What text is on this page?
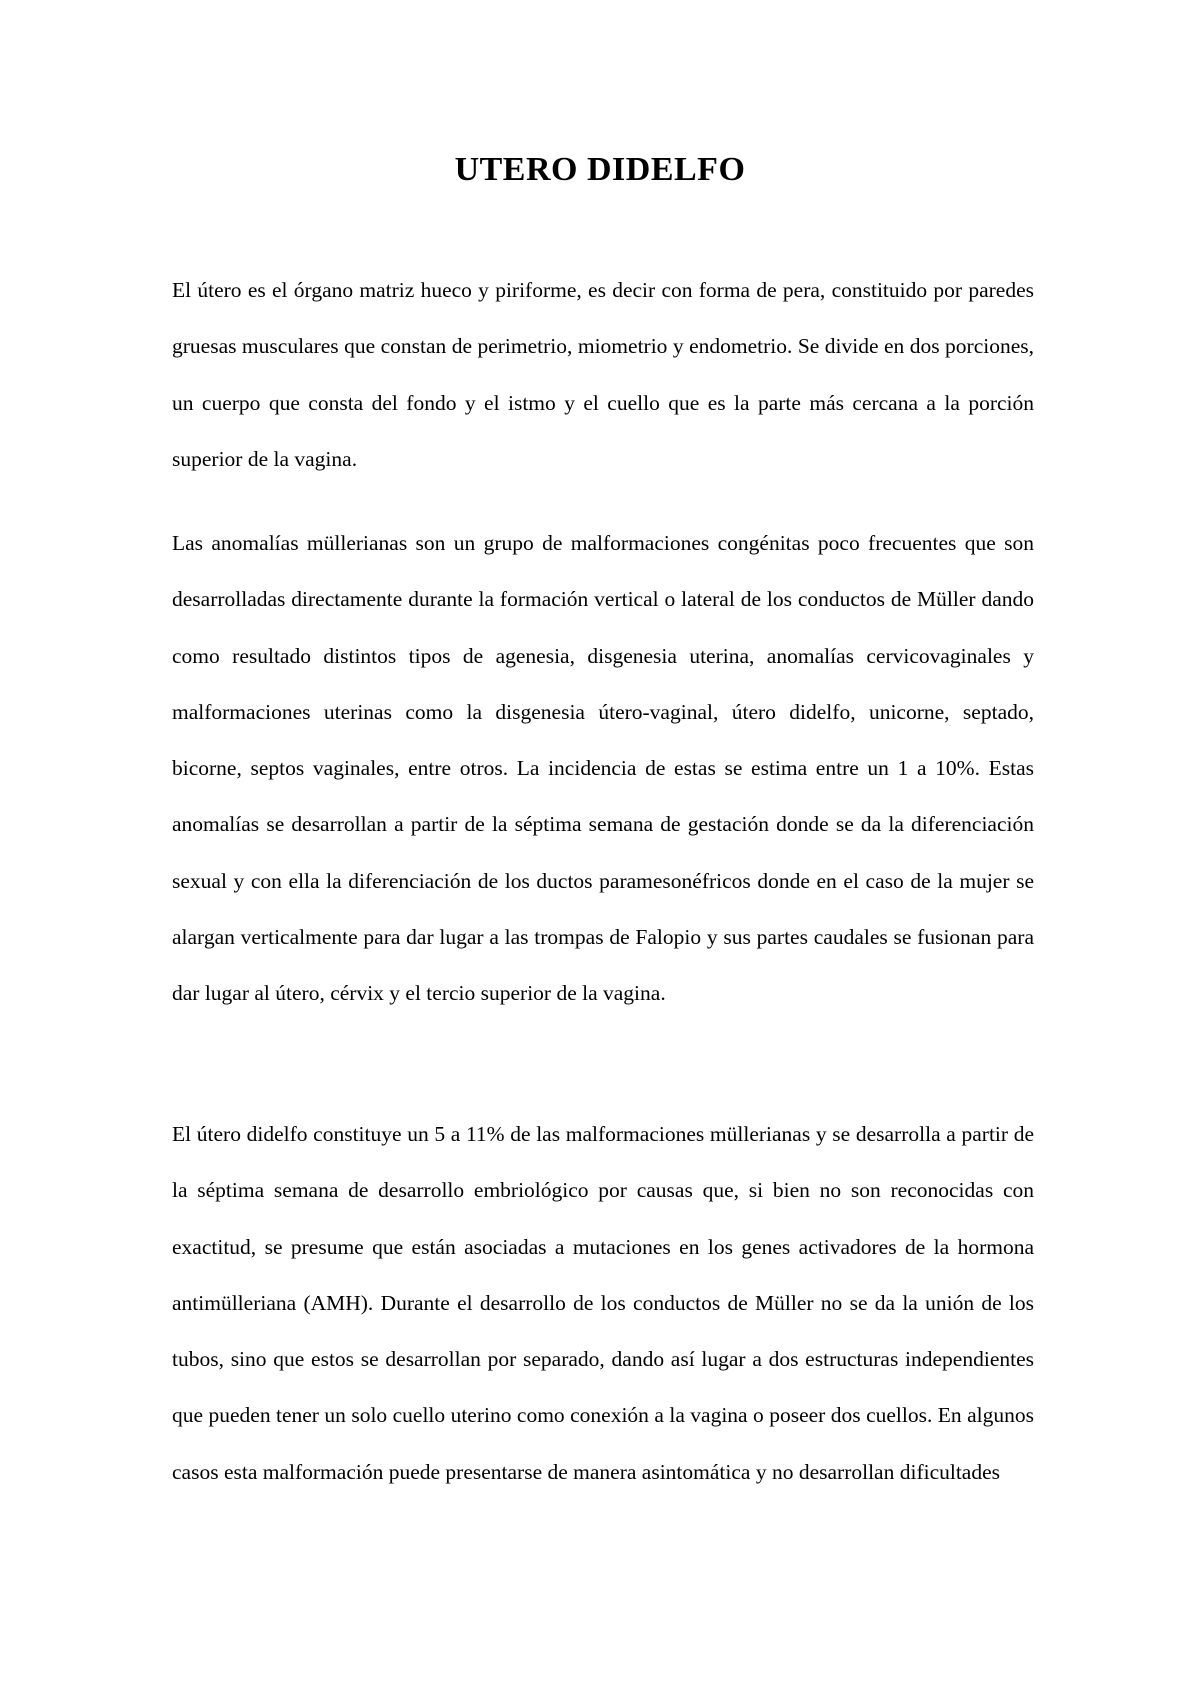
UTERO DIDELFO

El útero es el órgano matriz hueco y piriforme, es decir con forma de pera, constituido por paredes gruesas musculares que constan de perimetrio, miometrio y endometrio. Se divide en dos porciones, un cuerpo que consta del fondo y el istmo y el cuello que es la parte más cercana a la porción superior de la vagina.

Las anomalías müllerianas son un grupo de malformaciones congénitas poco frecuentes que son desarrolladas directamente durante la formación vertical o lateral de los conductos de Müller dando como resultado distintos tipos de agenesia, disgenesia uterina, anomalías cervicovaginales y malformaciones uterinas como la disgenesia útero-vaginal, útero didelfo, unicorne, septado, bicorne, septos vaginales, entre otros. La incidencia de estas se estima entre un 1 a 10%. Estas anomalías se desarrollan a partir de la séptima semana de gestación donde se da la diferenciación sexual y con ella la diferenciación de los ductos paramesonéfricos donde en el caso de la mujer se alargan verticalmente para dar lugar a las trompas de Falopio y sus partes caudales se fusionan para dar lugar al útero, cérvix y el tercio superior de la vagina.

El útero didelfo constituye un 5 a 11% de las malformaciones müllerianas y se desarrolla a partir de la séptima semana de desarrollo embriológico por causas que, si bien no son reconocidas con exactitud, se presume que están asociadas a mutaciones en los genes activadores de la hormona antimülleriana (AMH). Durante el desarrollo de los conductos de Müller no se da la unión de los tubos, sino que estos se desarrollan por separado, dando así lugar a dos estructuras independientes que pueden tener un solo cuello uterino como conexión a la vagina o poseer dos cuellos. En algunos casos esta malformación puede presentarse de manera asintomática y no desarrollan dificultades
